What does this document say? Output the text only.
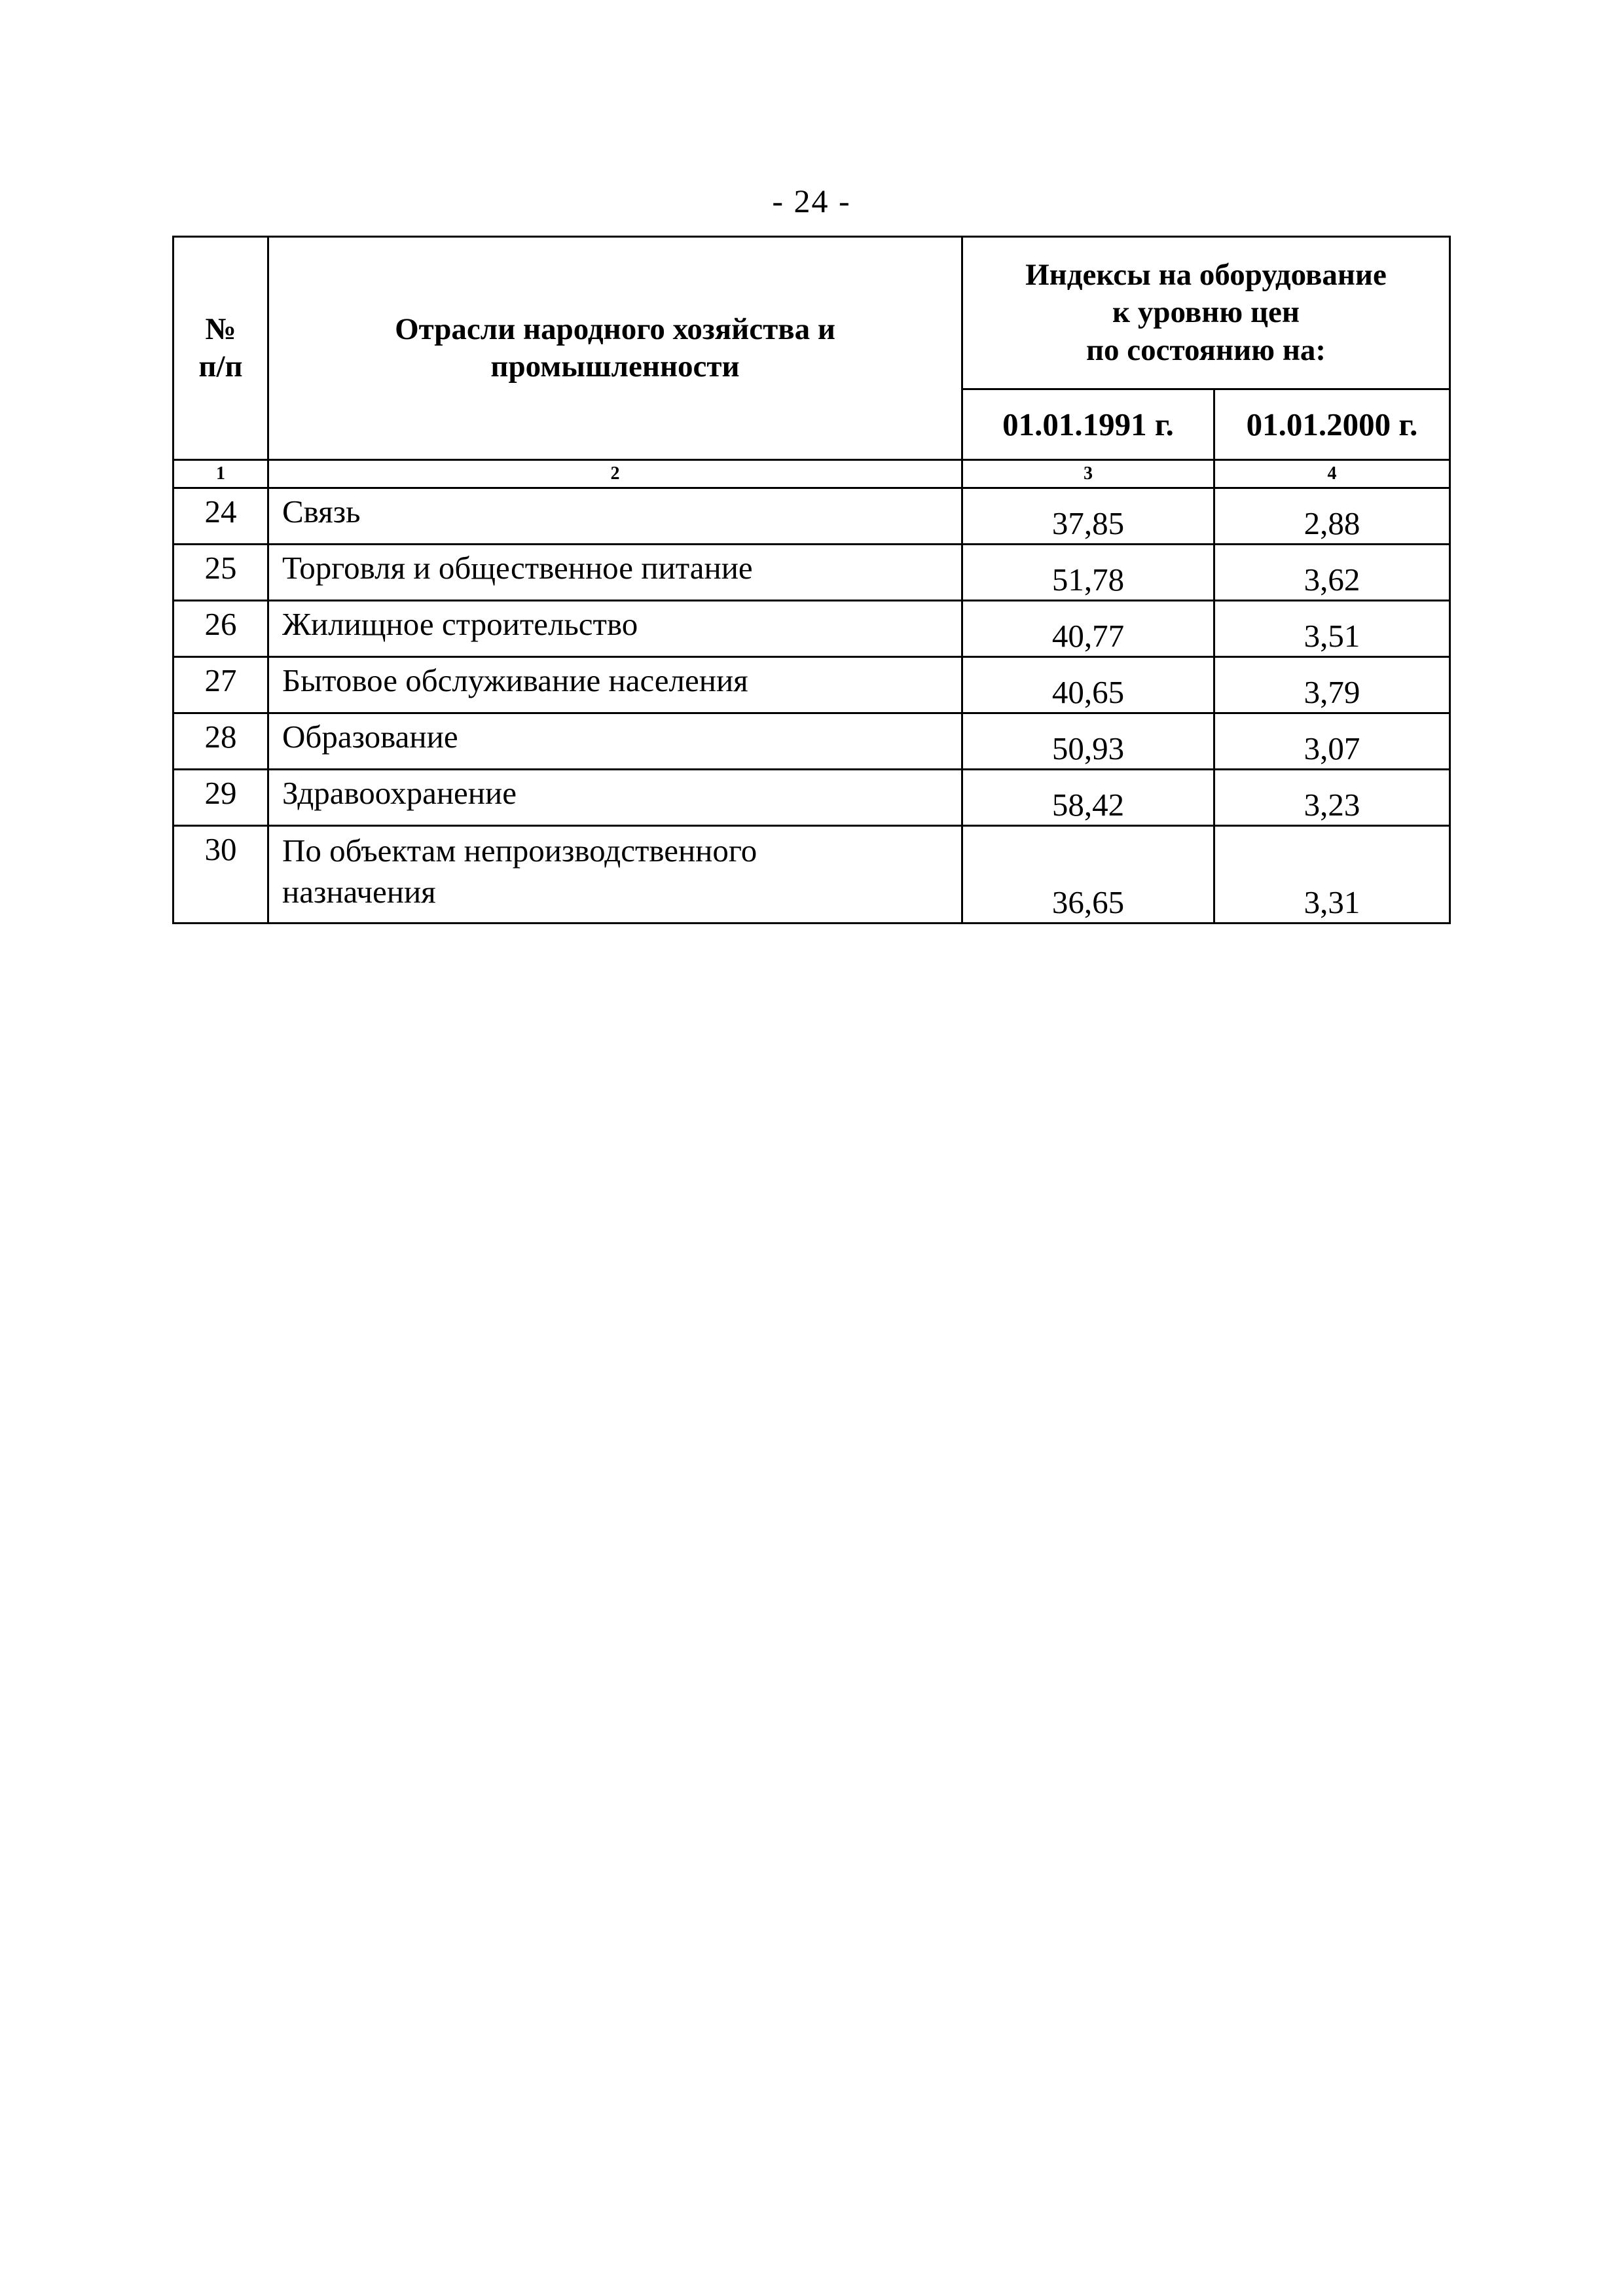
- 24 -
№
п/п	Отрасли народного хозяйства и промышленности	Индексы на оборудование
к уровню цен
по состоянию на:	
		01.01.1991 г.	01.01.2000 г.
1	2	3	4
24	Связь	37,85	2,88
25	Торговля и общественное питание	51,78	3,62
26	Жилищное строительство	40,77	3,51
27	Бытовое обслуживание населения	40,65	3,79
28	Образование	50,93	3,07
29	Здравоохранение	58,42	3,23
30	По объектам непроизводственного назначения	36,65	3,31
